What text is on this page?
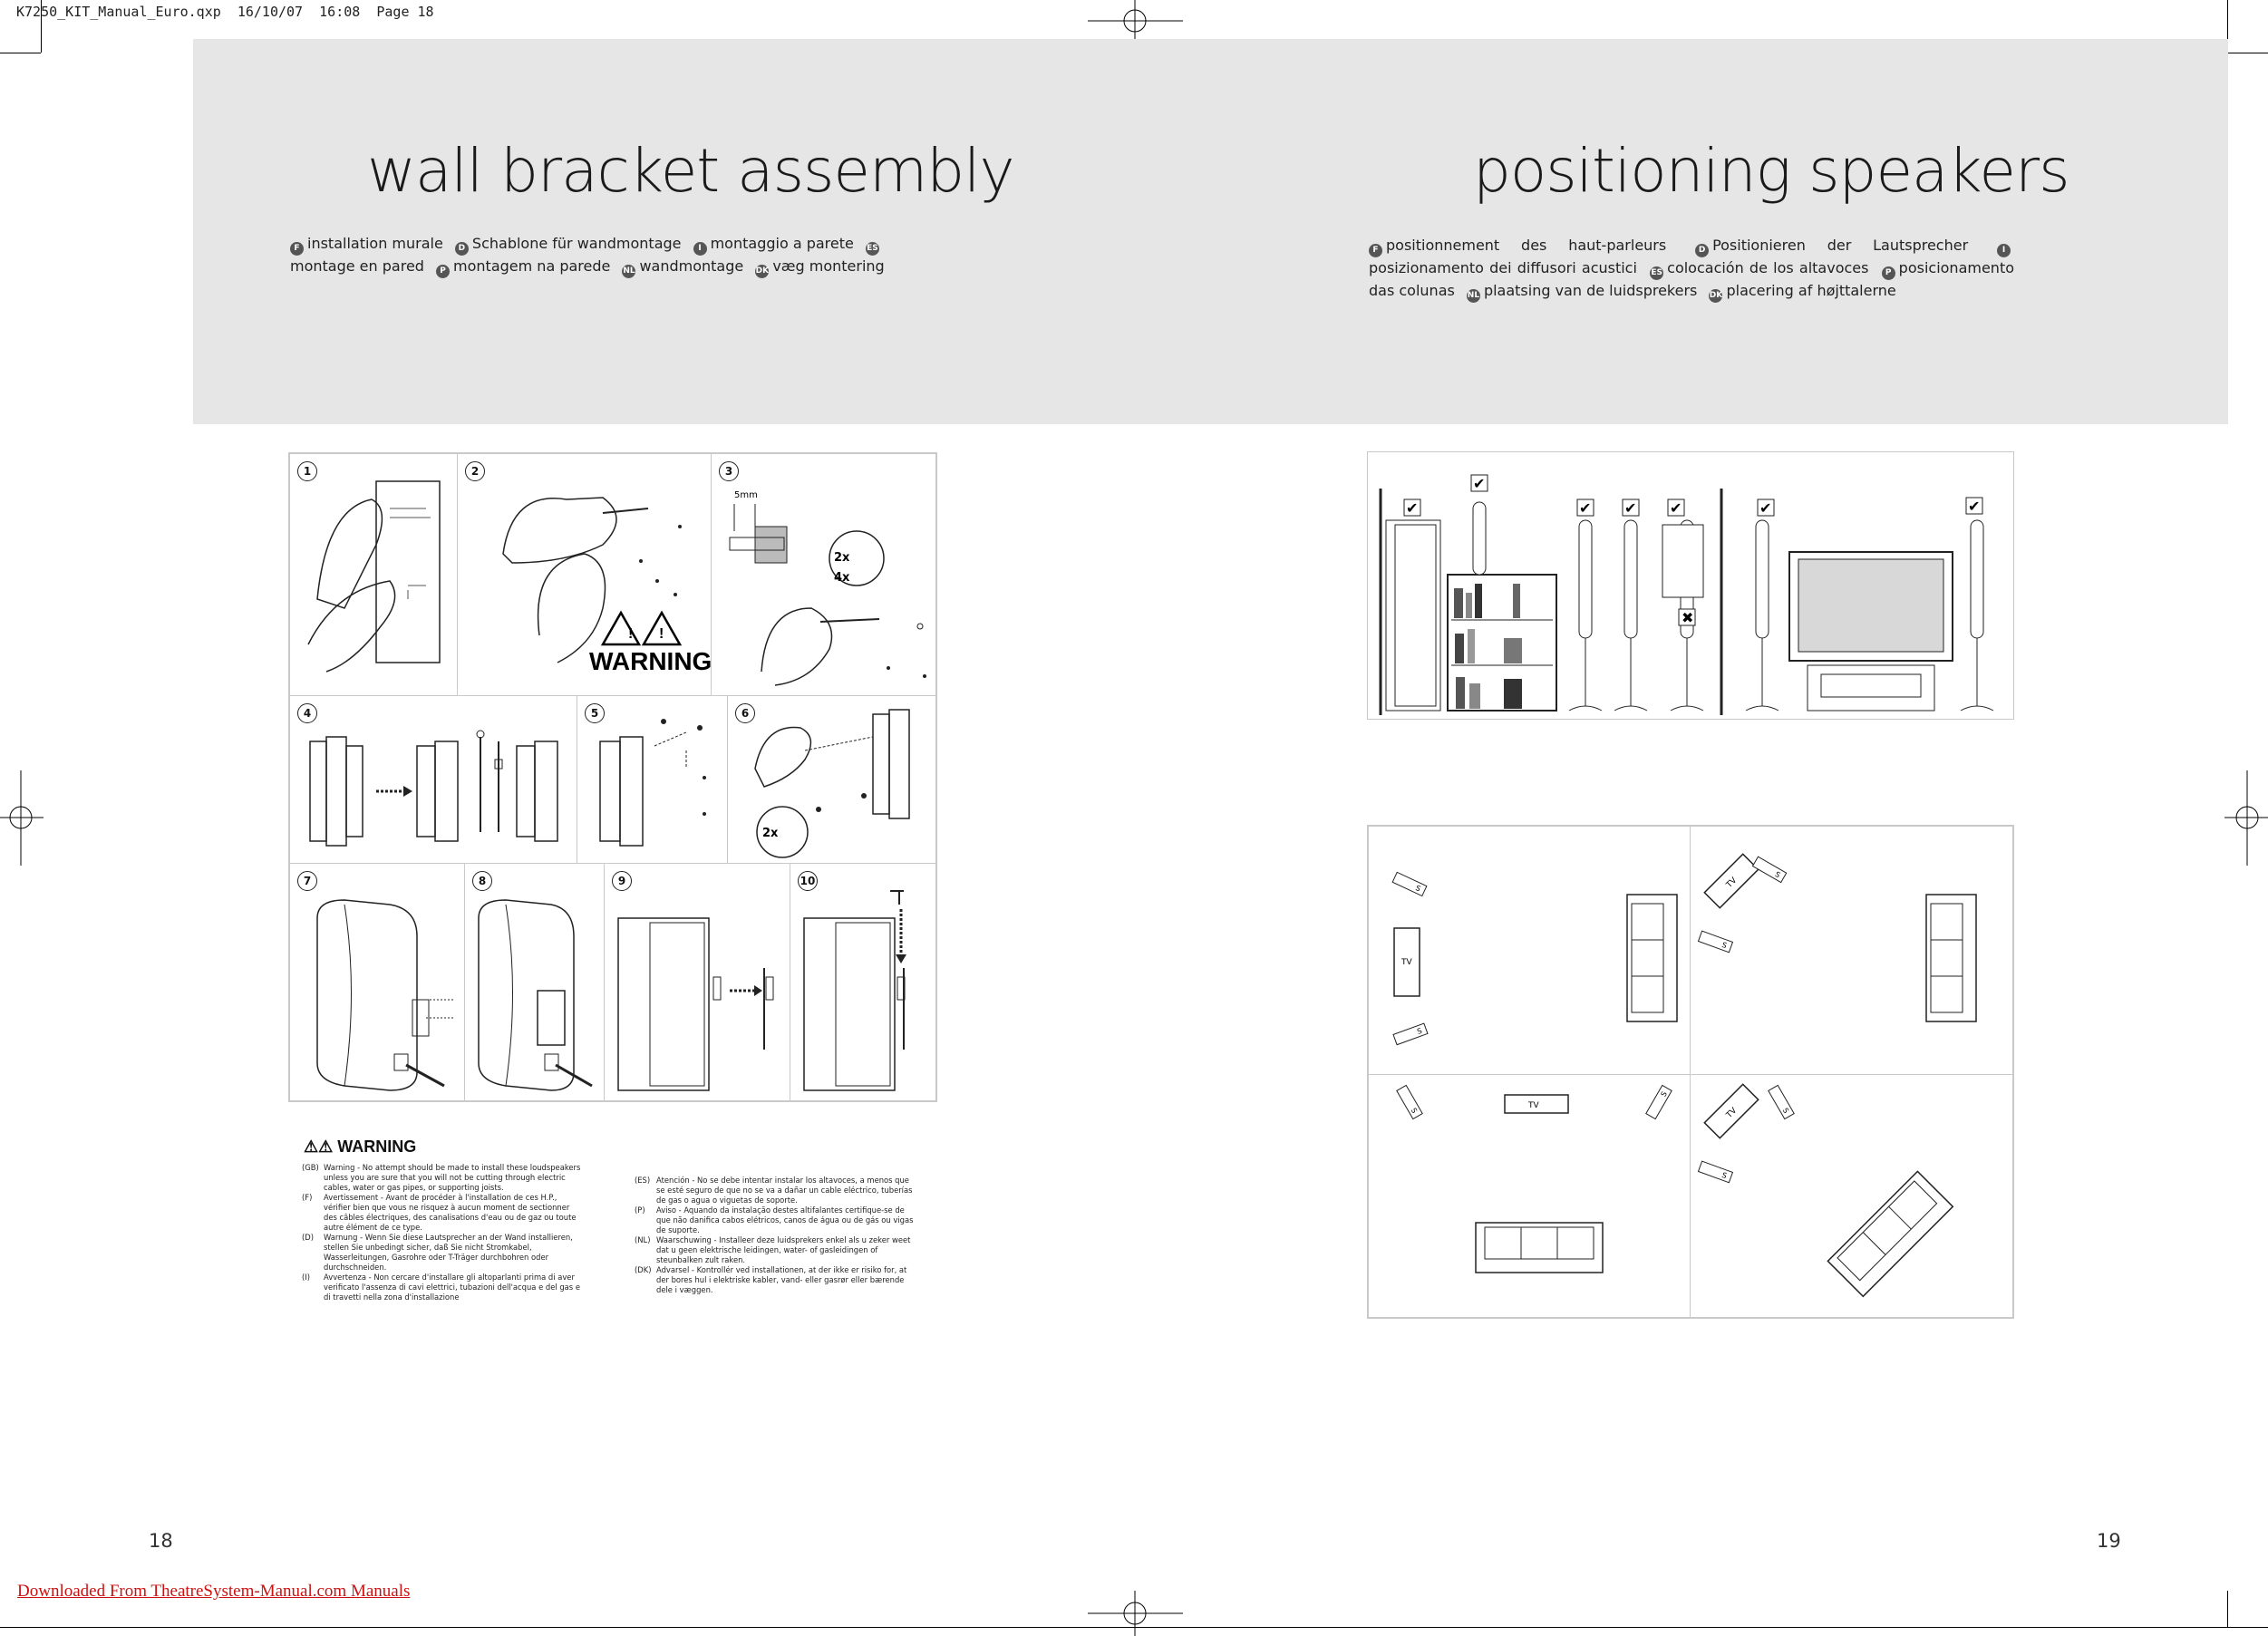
K7250_KIT_Manual_Euro.qxp  16/10/07  16:08  Page 18
wall bracket assembly
F installation murale D Schablone für wandmontage I montaggio a parete ESmontage en pared P montagem na parede NL wandmontage DK væg montering
positioning speakers
F positionnement des haut-parleurs	D Positionieren der Lautsprecher	Iposizionamento dei diffusori acustici ES colocación de los altavoces P posicionamento das colunas NL plaatsing van de luidsprekers DK placering af højttalerne
1	2
! !
WARNING
3
5mm
2x
4x
4	5	6
2x
7	8	9	10
⚠⚠ WARNING

(GB) Warning - No attempt should be made to install these loudspeakers unless you are sure that you will not be cutting through electric cables, water or gas pipes, or supporting joists.

(F)	Avertissement - Avant de procéder à l'installation de ces H.P., vérifier bien que vous ne risquez à aucun moment de sectionner des câbles électriques, des canalisations d'eau ou de gaz ou toute autre élément de ce type.

(D)	Warnung - Wenn Sie diese Lautsprecher an der Wand installieren, stellen Sie unbedingt sicher, daß Sie nicht Stromkabel, Wasserleitungen, Gasrohre oder T-Träger durchbohren oder durchschneiden.

(I)	Avvertenza - Non cercare d'installare gli altoparlanti prima di aver verificato l'assenza di cavi elettrici, tubazioni dell'acqua e del gas e di travetti nella zona d'installazione

(ES) Atención - No se debe intentar instalar los altavoces, a menos que se esté seguro de que no se va a dañar un cable eléctrico, tuberías de gas o agua o viguetas de soporte.

(P)	Aviso - Aquando da instalação destes altifalantes certifique-se de que não danifica cabos elétricos, canos de água ou de gás ou vigas de suporte.

(NL) Waarschuwing - Installeer deze luidsprekers enkel als u zeker weet dat u geen elektrische leidingen, water- of gasleidingen of steunbalken zult raken.

(DK) Advarsel - Kontrollér ved installationen, at der ikke er risiko for, at der bores hul i elektriske kabler, vand- eller gasrør eller bærende dele i væggen.

✔
✔
✔ ✔ ✔
✖
✔	✔
TV
S
S
TV
S
S
TV
S
S
TV	S
S
18	19
Downloaded From TheatreSystem-Manual.com Manuals
